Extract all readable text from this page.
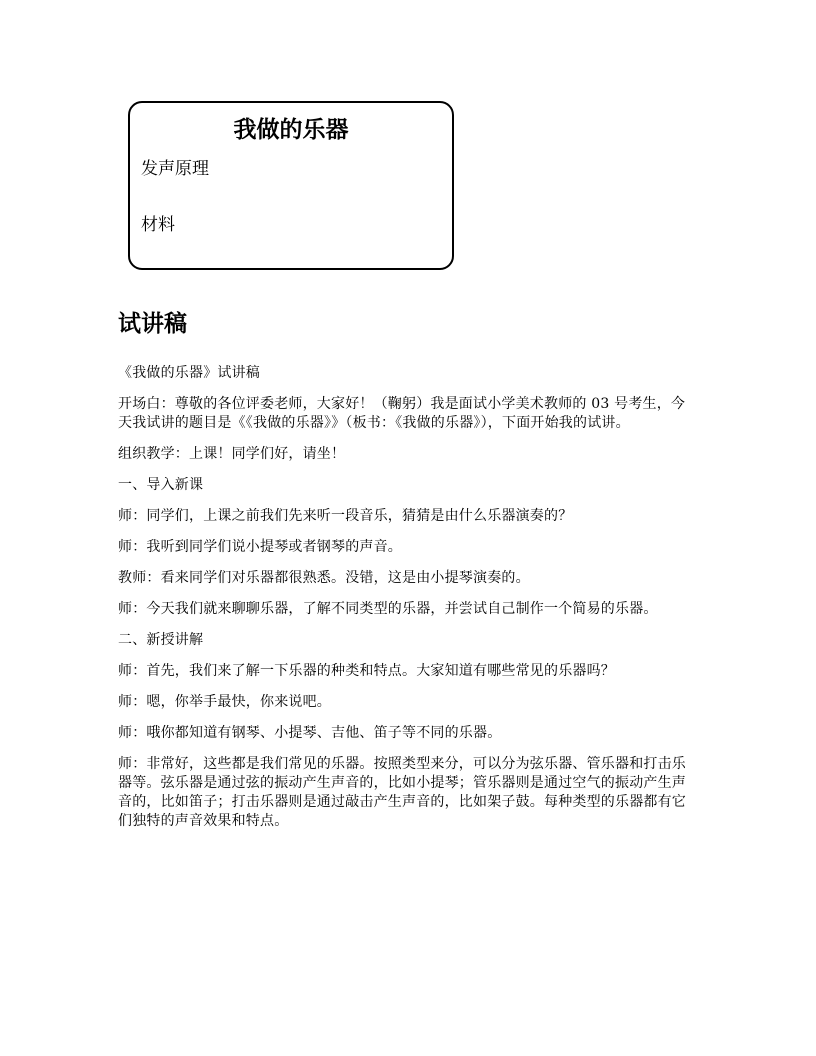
我做的乐器

发声原理

材料

试讲稿

《我做的乐器》试讲稿

开场白：尊敬的各位评委老师，大家好！（鞠躬）我是面试小学美术教师的 03 号考生，今天我试讲的题目是《《我做的乐器》》（板书：《我做的乐器》），下面开始我的试讲。

组织教学：上课！同学们好，请坐！

一、导入新课

师：同学们，上课之前我们先来听一段音乐，猜猜是由什么乐器演奏的？

师：我听到同学们说小提琴或者钢琴的声音。

教师：看来同学们对乐器都很熟悉。没错，这是由小提琴演奏的。

师：今天我们就来聊聊乐器，了解不同类型的乐器，并尝试自己制作一个简易的乐器。

二、新授讲解

师：首先，我们来了解一下乐器的种类和特点。大家知道有哪些常见的乐器吗？

师：嗯，你举手最快，你来说吧。

师：哦你都知道有钢琴、小提琴、吉他、笛子等不同的乐器。

师：非常好，这些都是我们常见的乐器。按照类型来分，可以分为弦乐器、管乐器和打击乐器等。弦乐器是通过弦的振动产生声音的，比如小提琴；管乐器则是通过空气的振动产生声音的，比如笛子；打击乐器则是通过敲击产生声音的，比如架子鼓。每种类型的乐器都有它们独特的声音效果和特点。
